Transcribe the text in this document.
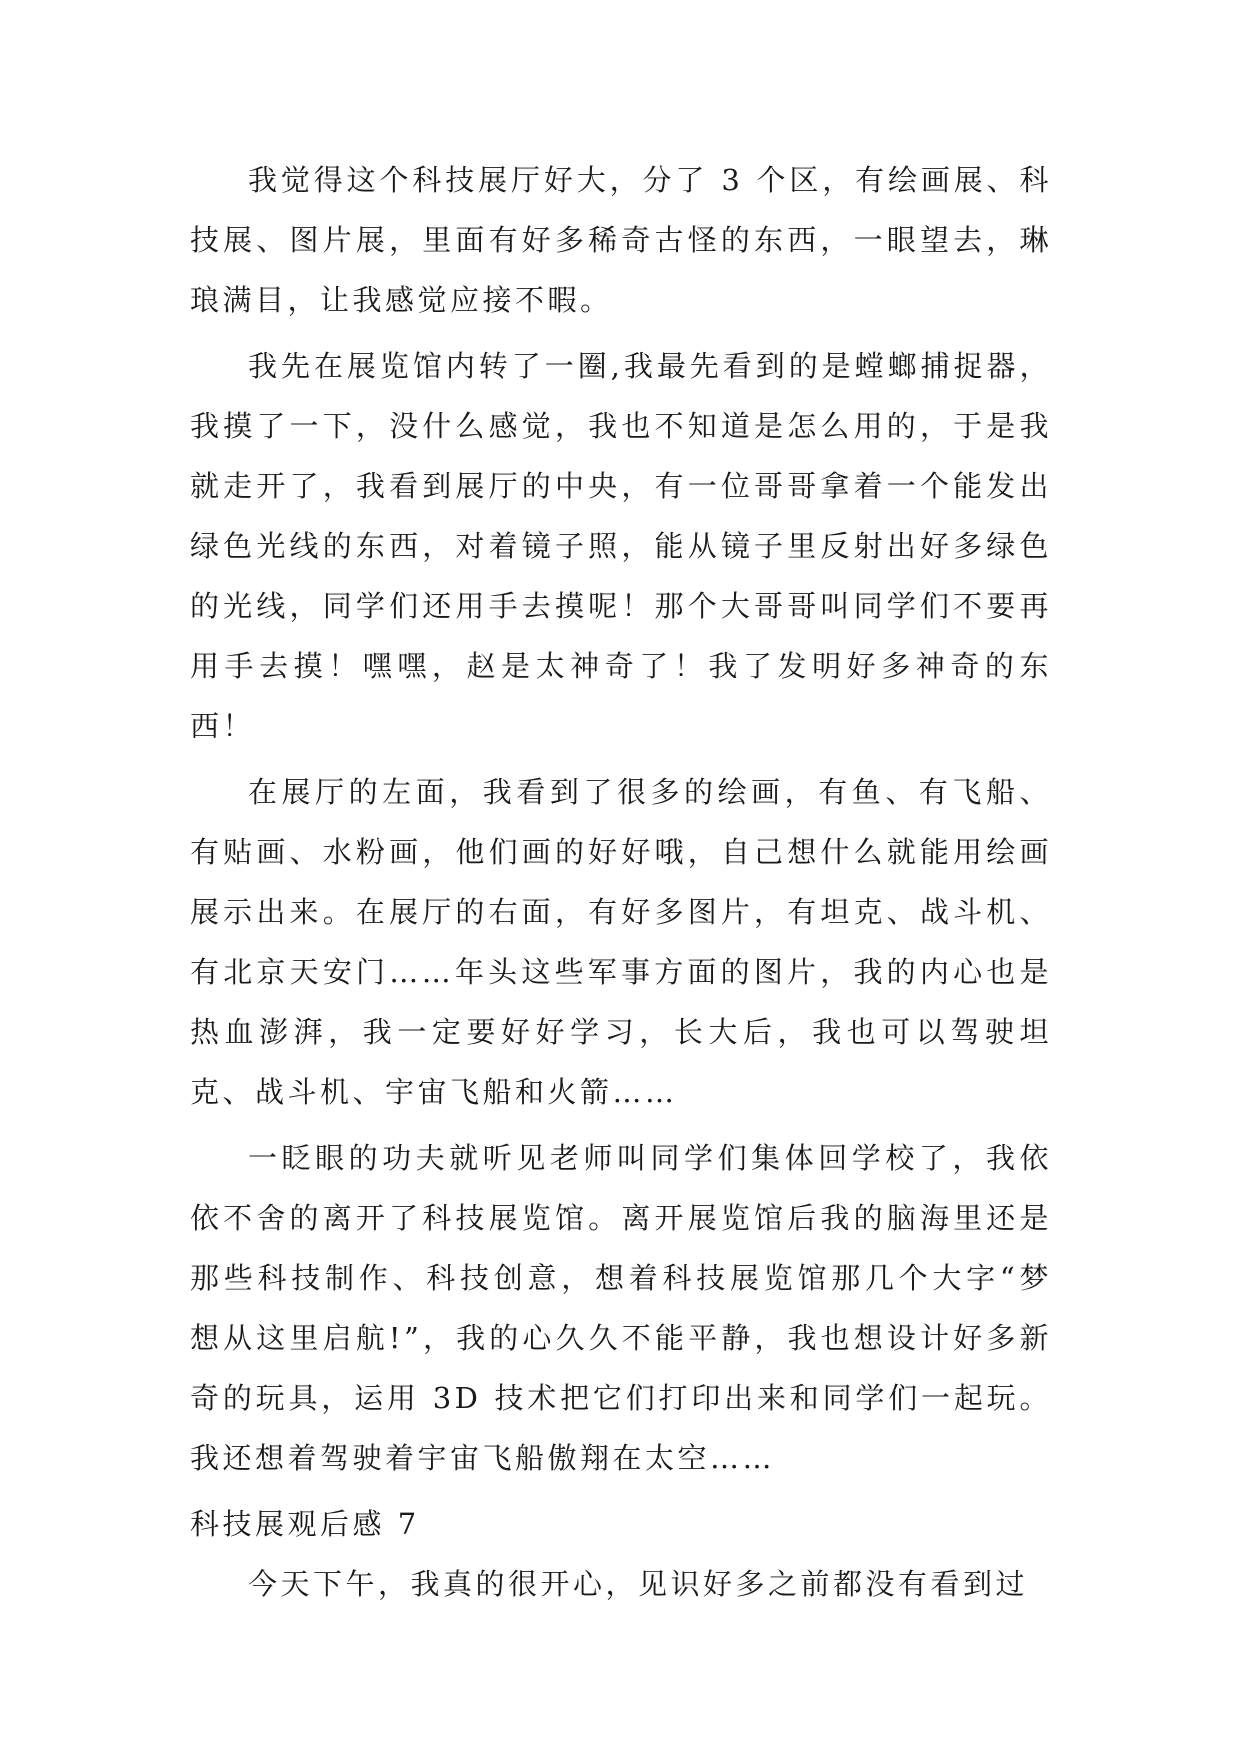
我觉得这个科技展厅好大，分了 3 个区，有绘画展、科技展、图片展，里面有好多稀奇古怪的东西，一眼望去，琳琅满目，让我感觉应接不暇。

我先在展览馆内转了一圈,我最先看到的是螳螂捕捉器，我摸了一下，没什么感觉，我也不知道是怎么用的，于是我就走开了，我看到展厅的中央，有一位哥哥拿着一个能发出绿色光线的东西，对着镜子照，能从镜子里反射出好多绿色的光线，同学们还用手去摸呢！那个大哥哥叫同学们不要再用手去摸！嘿嘿，赵是太神奇了！我了发明好多神奇的东西！

在展厅的左面，我看到了很多的绘画，有鱼、有飞船、有贴画、水粉画，他们画的好好哦，自己想什么就能用绘画展示出来。在展厅的右面，有好多图片，有坦克、战斗机、有北京天安门……年头这些军事方面的图片，我的内心也是热血澎湃，我一定要好好学习，长大后，我也可以驾驶坦克、战斗机、宇宙飞船和火箭……

一眨眼的功夫就听见老师叫同学们集体回学校了，我依依不舍的离开了科技展览馆。离开展览馆后我的脑海里还是那些科技制作、科技创意，想着科技展览馆那几个大字“梦想从这里启航!”，我的心久久不能平静，我也想设计好多新奇的玩具，运用 3D 技术把它们打印出来和同学们一起玩。我还想着驾驶着宇宙飞船傲翔在太空……

科技展观后感 7

今天下午，我真的很开心，见识好多之前都没有看到过
